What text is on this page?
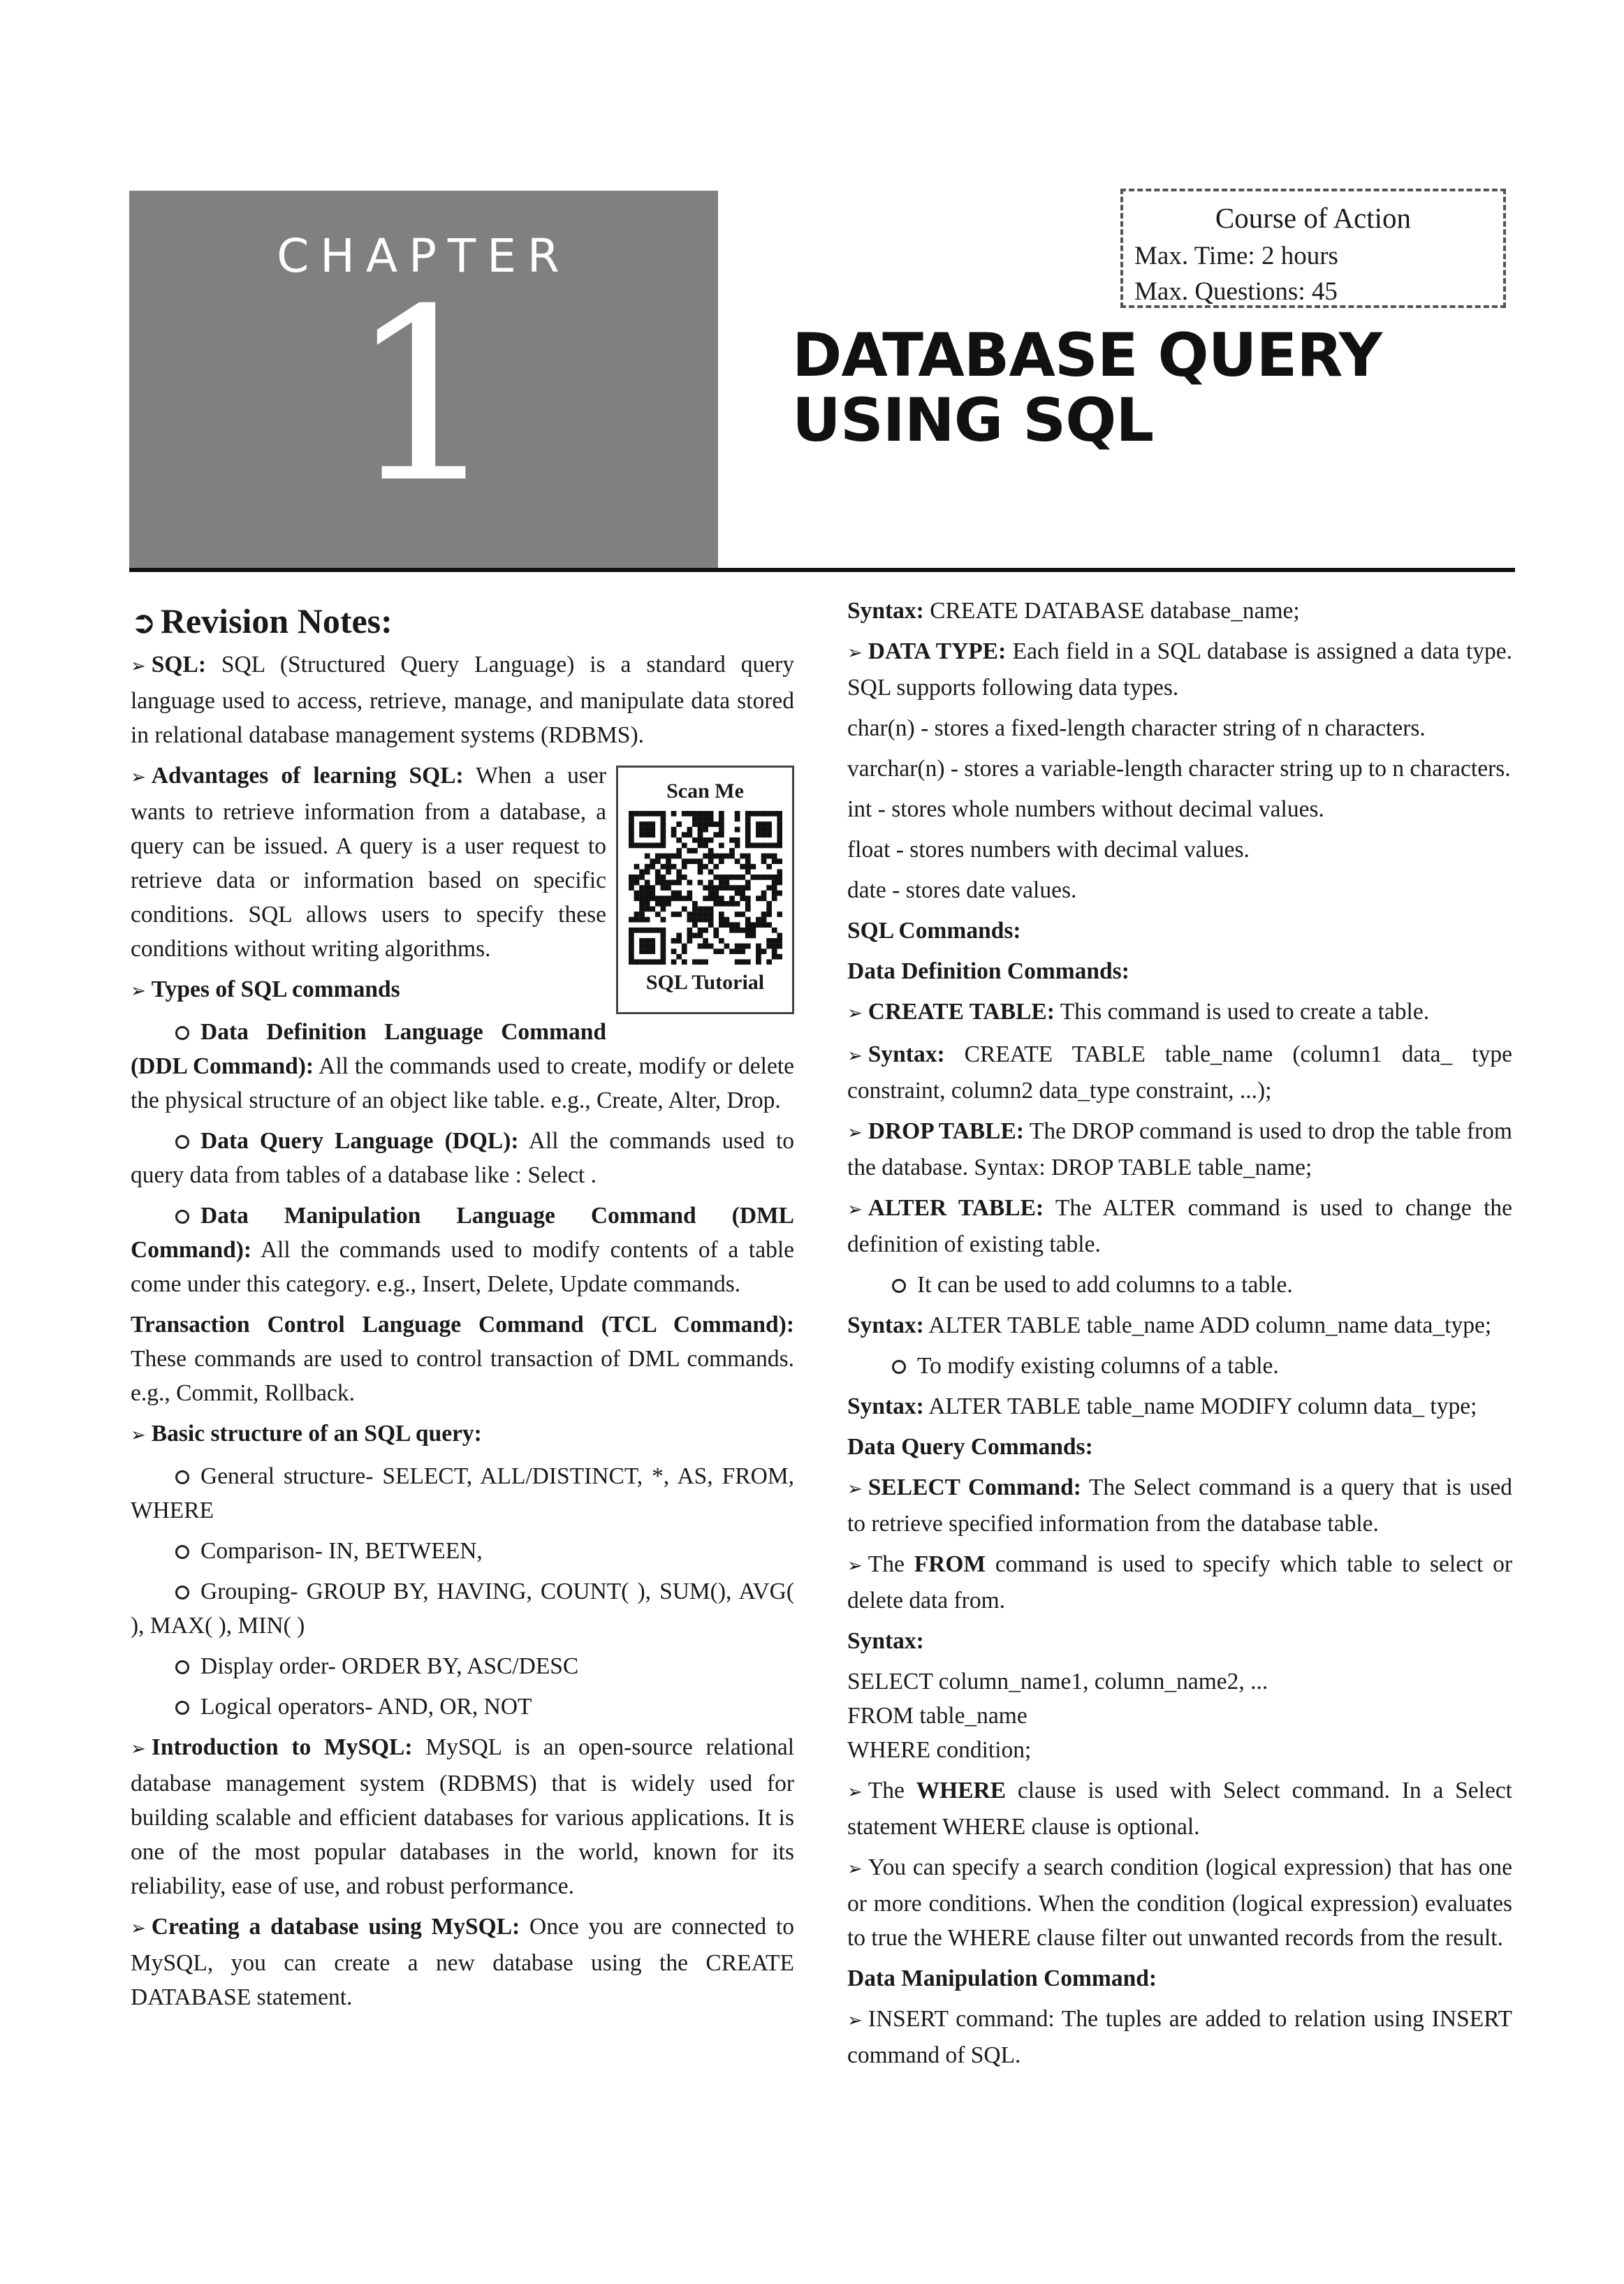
CHAPTER
1
Course of Action
Max. Time: 2 hours
Max. Questions: 45
DATABASE QUERY
USING SQL
➲ Revision Notes:

➢ SQL: SQL (Structured Query Language) is a standard query language used to access, retrieve, manage, and manipulate data stored in relational database management systems (RDBMS).

Scan Me
SQL Tutorial
➢ Advantages of learning SQL: When a user wants to retrieve information from a database, a query can be issued. A query is a user request to retrieve data or information based on specific conditions. SQL allows users to specify these conditions without writing algorithms.

➢ Types of SQL commands

Data Definition Language Command (DDL Command): All the commands used to create, modify or delete the physical structure of an object like table. e.g., Create, Alter, Drop.

Data Query Language (DQL): All the commands used to query data from tables of a database like : Select .

Data Manipulation Language Command (DML Command): All the commands used to modify contents of a table come under this category. e.g., Insert, Delete, Update commands.

Transaction Control Language Command (TCL Command): These commands are used to control transaction of DML commands. e.g., Commit, Rollback.

➢ Basic structure of an SQL query:

General structure- SELECT, ALL/DISTINCT, *, AS, FROM, WHERE

Comparison- IN, BETWEEN,

Grouping- GROUP BY, HAVING, COUNT( ), SUM(), AVG( ), MAX( ), MIN( )

Display order- ORDER BY, ASC/DESC

Logical operators- AND, OR, NOT

➢ Introduction to MySQL: MySQL is an open-source relational database management system (RDBMS) that is widely used for building scalable and efficient databases for various applications. It is one of the most popular databases in the world, known for its reliability, ease of use, and robust performance.

➢ Creating a database using MySQL: Once you are connected to MySQL, you can create a new database using the CREATE DATABASE statement.

Syntax: CREATE DATABASE database_name;

➢ DATA TYPE: Each field in a SQL database is assigned a data type. SQL supports following data types.

char(n) - stores a fixed-length character string of n characters.

varchar(n) - stores a variable-length character string up to n characters.

int - stores whole numbers without decimal values.

float - stores numbers with decimal values.

date - stores date values.

SQL Commands:

Data Definition Commands:

➢ CREATE TABLE: This command is used to create a table.

➢ Syntax: CREATE TABLE table_name (column1 data_ type constraint, column2 data_type constraint, ...);

➢ DROP TABLE: The DROP command is used to drop the table from the database. Syntax: DROP TABLE table_name;

➢ ALTER TABLE: The ALTER command is used to change the definition of existing table.

It can be used to add columns to a table.

Syntax: ALTER TABLE table_name ADD column_name data_type;

To modify existing columns of a table.

Syntax: ALTER TABLE table_name MODIFY column data_ type;

Data Query Commands:

➢ SELECT Command: The Select command is a query that is used to retrieve specified information from the database table.

➢ The FROM command is used to specify which table to select or delete data from.

Syntax:

SELECT column_name1, column_name2, ...

FROM table_name

WHERE condition;

➢ The WHERE clause is used with Select command. In a Select statement WHERE clause is optional.

➢ You can specify a search condition (logical expression) that has one or more conditions. When the condition (logical expression) evaluates to true the WHERE clause filter out unwanted records from the result.

Data Manipulation Command:

➢ INSERT command: The tuples are added to relation using INSERT command of SQL.
